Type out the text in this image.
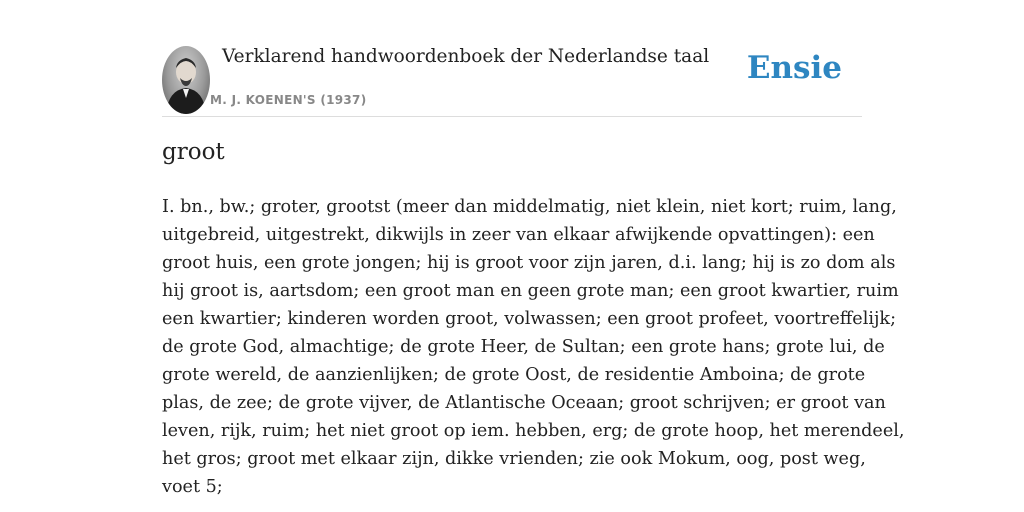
Verklarend handwoordenboek der Nederlandse taal
M. J. KOENEN'S (1937)
Ensie
groot
I. bn., bw.; groter, grootst (meer dan middelmatig, niet klein, niet kort; ruim, lang,
uitgebreid, uitgestrekt, dikwijls in zeer van elkaar afwijkende opvattingen): een
groot huis, een grote jongen; hij is groot voor zijn jaren, d.i. lang; hij is zo dom als
hij groot is, aartsdom; een groot man en geen grote man; een groot kwartier, ruim
een kwartier; kinderen worden groot, volwassen; een groot profeet, voortreffelijk;
de grote God, almachtige; de grote Heer, de Sultan; een grote hans; grote lui, de
grote wereld, de aanzienlijken; de grote Oost, de residentie Amboina; de grote
plas, de zee; de grote vijver, de Atlantische Oceaan; groot schrijven; er groot van
leven, rijk, ruim; het niet groot op iem. hebben, erg; de grote hoop, het merendeel,
het gros; groot met elkaar zijn, dikke vrienden; zie ook Mokum, oog, post weg,
voet 5;
